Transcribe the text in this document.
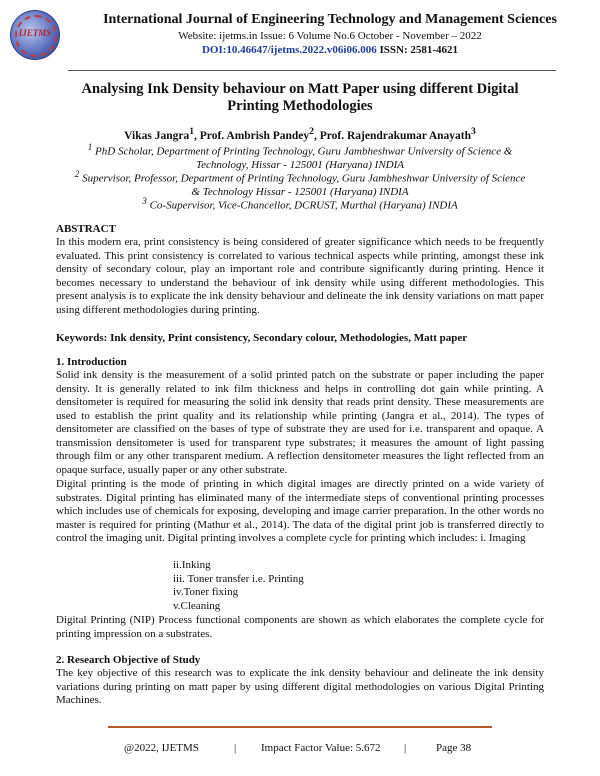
IJETMS
International Journal of Engineering Technology and Management Sciences
Website: ijetms.in Issue: 6 Volume No.6 October - November – 2022
DOI:10.46647/ijetms.2022.v06i06.006 ISSN: 2581-4621
Analysing Ink Density behaviour on Matt Paper using different Digital
Printing Methodologies
Vikas Jangra$^1$, Prof. Ambrish Pandey$^2$, Prof. Rajendrakumar Anayath$^3$
$^1$ PhD Scholar, Department of Printing Technology, Guru Jambheshwar University of Science &
Technology, Hissar - 125001 (Haryana) INDIA
$^2$ Supervisor, Professor, Department of Printing Technology, Guru Jambheshwar University of Science
& Technology Hissar - 125001 (Haryana) INDIA
$^3$ Co-Supervisor, Vice-Chancellor, DCRUST, Murthal (Haryana) INDIA
ABSTRACT
In this modern era, print consistency is being considered of greater significance which needs to be frequently evaluated. This print consistency is correlated to various technical aspects while printing, amongst these ink density of secondary colour, play an important role and contribute significantly during printing. Hence it becomes necessary to understand the behaviour of ink density while using different methodologies. This present analysis is to explicate the ink density behaviour and delineate the ink density variations on matt paper using different methodologies during printing.
Keywords: Ink density, Print consistency, Secondary colour, Methodologies, Matt paper
1. Introduction
Solid ink density is the measurement of a solid printed patch on the substrate or paper including the paper density. It is generally related to ink film thickness and helps in controlling dot gain while printing. A densitometer is required for measuring the solid ink density that reads print density. These measurements are used to establish the print quality and its relationship while printing (Jangra et al., 2014). The types of densitometer are classified on the bases of type of substrate they are used for i.e. transparent and opaque. A transmission densitometer is used for transparent type substrates; it measures the amount of light passing through film or any other transparent medium. A reflection densitometer measures the light reflected from an opaque surface, usually paper or any other substrate.
Digital printing is the mode of printing in which digital images are directly printed on a wide variety of substrates. Digital printing has eliminated many of the intermediate steps of conventional printing processes which includes use of chemicals for exposing, developing and image carrier preparation. In the other words no master is required for printing (Mathur et al., 2014). The data of the digital print job is transferred directly to control the imaging unit. Digital printing involves a complete cycle for printing which includes: i. Imaging
ii.Inking
iii. Toner transfer i.e. Printing
iv.Toner fixing
v.Cleaning
Digital Printing (NIP) Process functional components are shown as which elaborates the complete cycle for printing impression on a substrates.
2. Research Objective of Study
The key objective of this research was to explicate the ink density behaviour and delineate the ink density variations during printing on matt paper by using different digital methodologies on various Digital Printing Machines.
@2022, IJETMS	| Impact Factor Value: 5.672 |	Page 38
